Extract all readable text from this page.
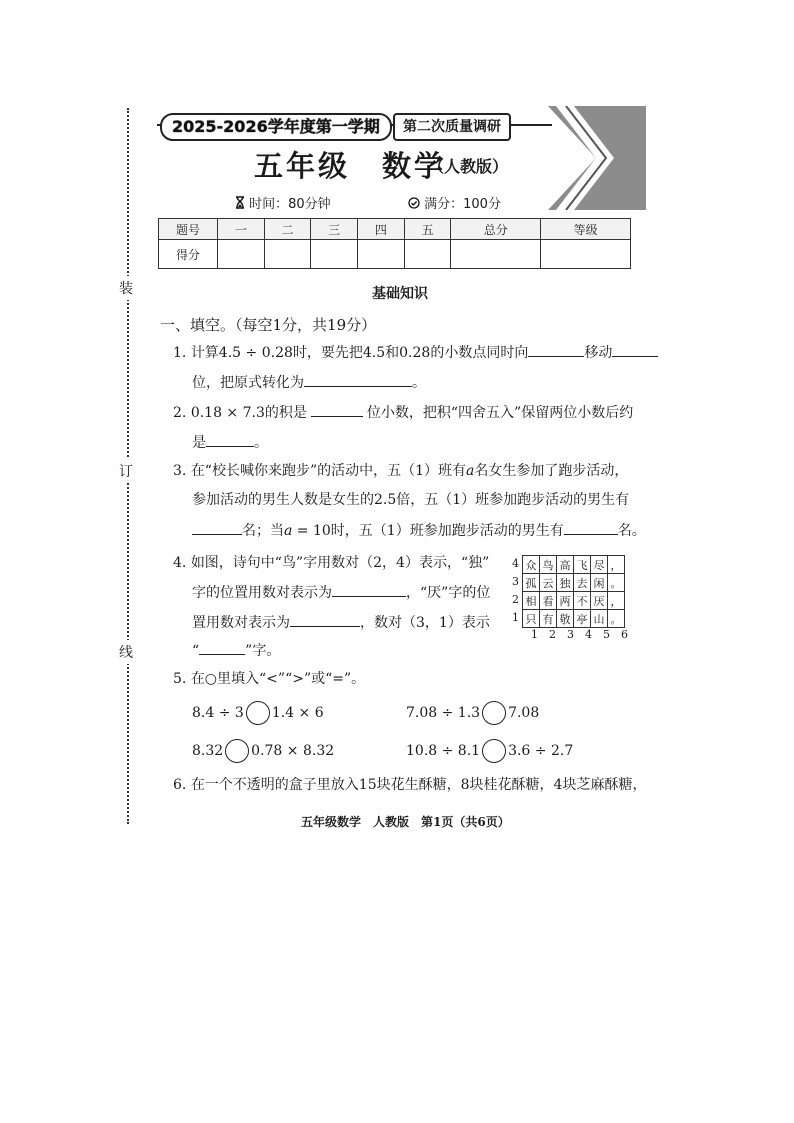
装
订
线
2025-2026学年度第一学期	第二次质量调研
五年级　数学
（人教版）
时间：80分钟	满分：100分
题号	一	二	三	四	五	总分	等级
得分							
基础知识
一、填空。（每空1分，共19分）
1. 计算4.5 ÷ 0.28时，要先把4.5和0.28的小数点同时向	移动
位，把原式转化为	。
2. 0.18 × 7.3的积是	位小数，把积“四舍五入”保留两位小数后约
是	。
3. 在“校长喊你来跑步”的活动中，五（1）班有a名女生参加了跑步活动，
参加活动的男生人数是女生的2.5倍，五（1）班参加跑步活动的男生有
名；当a = 10时，五（1）班参加跑步活动的男生有	名。
4. 如图，诗句中“鸟”字用数对（2，4）表示，“独”
字的位置用数对表示为	，“厌”字的位
置用数对表示为	，数对（3，1）表示
“	”字。
4
3
2
1
众	鸟	高	飞	尽	，
孤	云	独	去	闲	。
相	看	两	不	厌	，
只	有	敬	亭	山	。
1 2 3 4 5 6
5. 在○里填入“<”“>”或“=”。
8.4 ÷ 3 1.4 × 6	7.08 ÷ 1.3 7.08
8.32 0.78 × 8.32	10.8 ÷ 8.1 3.6 ÷ 2.7
6. 在一个不透明的盒子里放入15块花生酥糖，8块桂花酥糖，4块芝麻酥糖，
五年级数学　人教版　第1页（共6页）
